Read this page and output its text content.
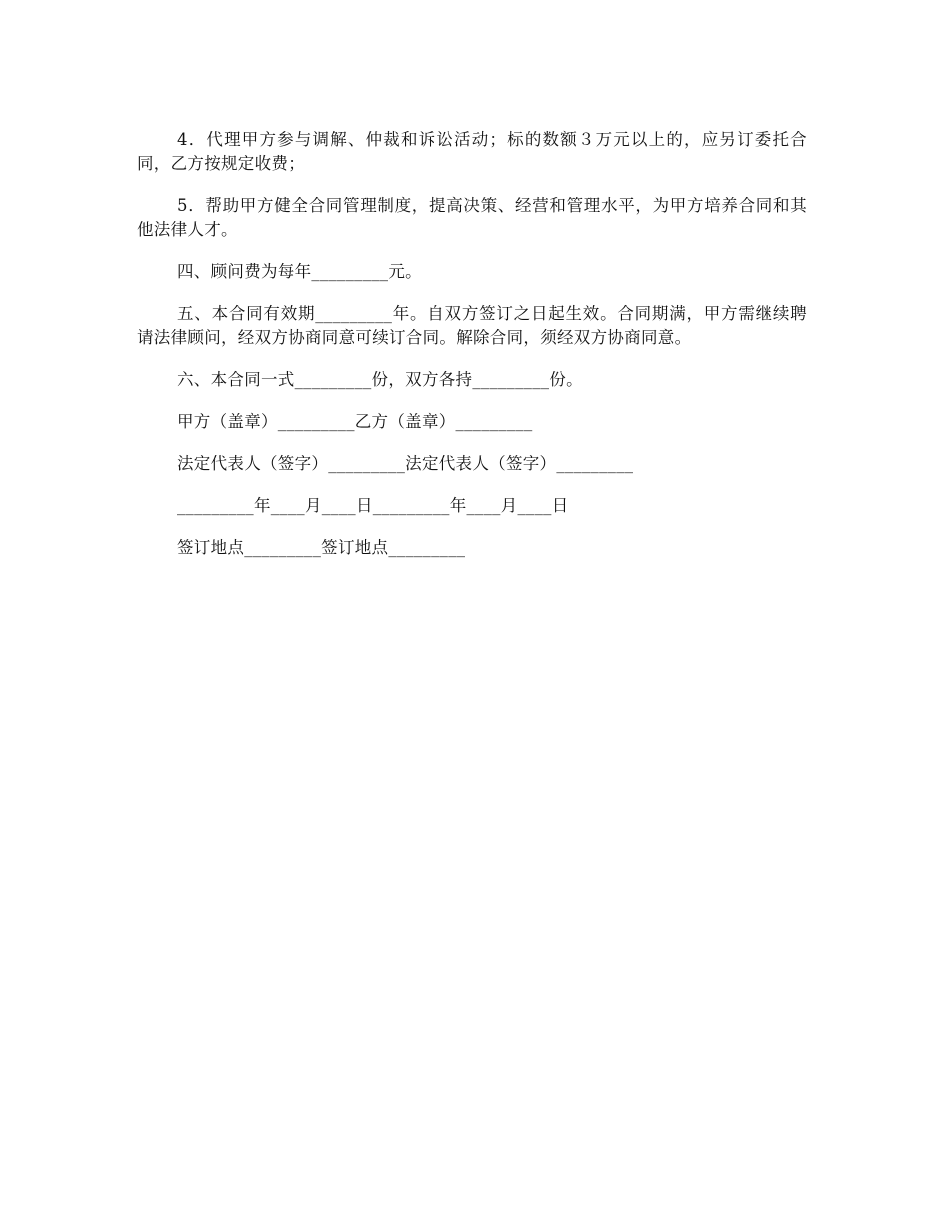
4．代理甲方参与调解、仲裁和诉讼活动；标的数额３万元以上的，应另订委托合同，乙方按规定收费；

5．帮助甲方健全合同管理制度，提高决策、经营和管理水平，为甲方培养合同和其他法律人才。

四、顾问费为每年_________元。

五、本合同有效期_________年。自双方签订之日起生效。合同期满，甲方需继续聘请法律顾问，经双方协商同意可续订合同。解除合同，须经双方协商同意。

六、本合同一式_________份，双方各持_________份。

甲方（盖章）_________乙方（盖章）_________

法定代表人（签字）_________法定代表人（签字）_________

_________年____月____日_________年____月____日

签订地点_________签订地点_________
